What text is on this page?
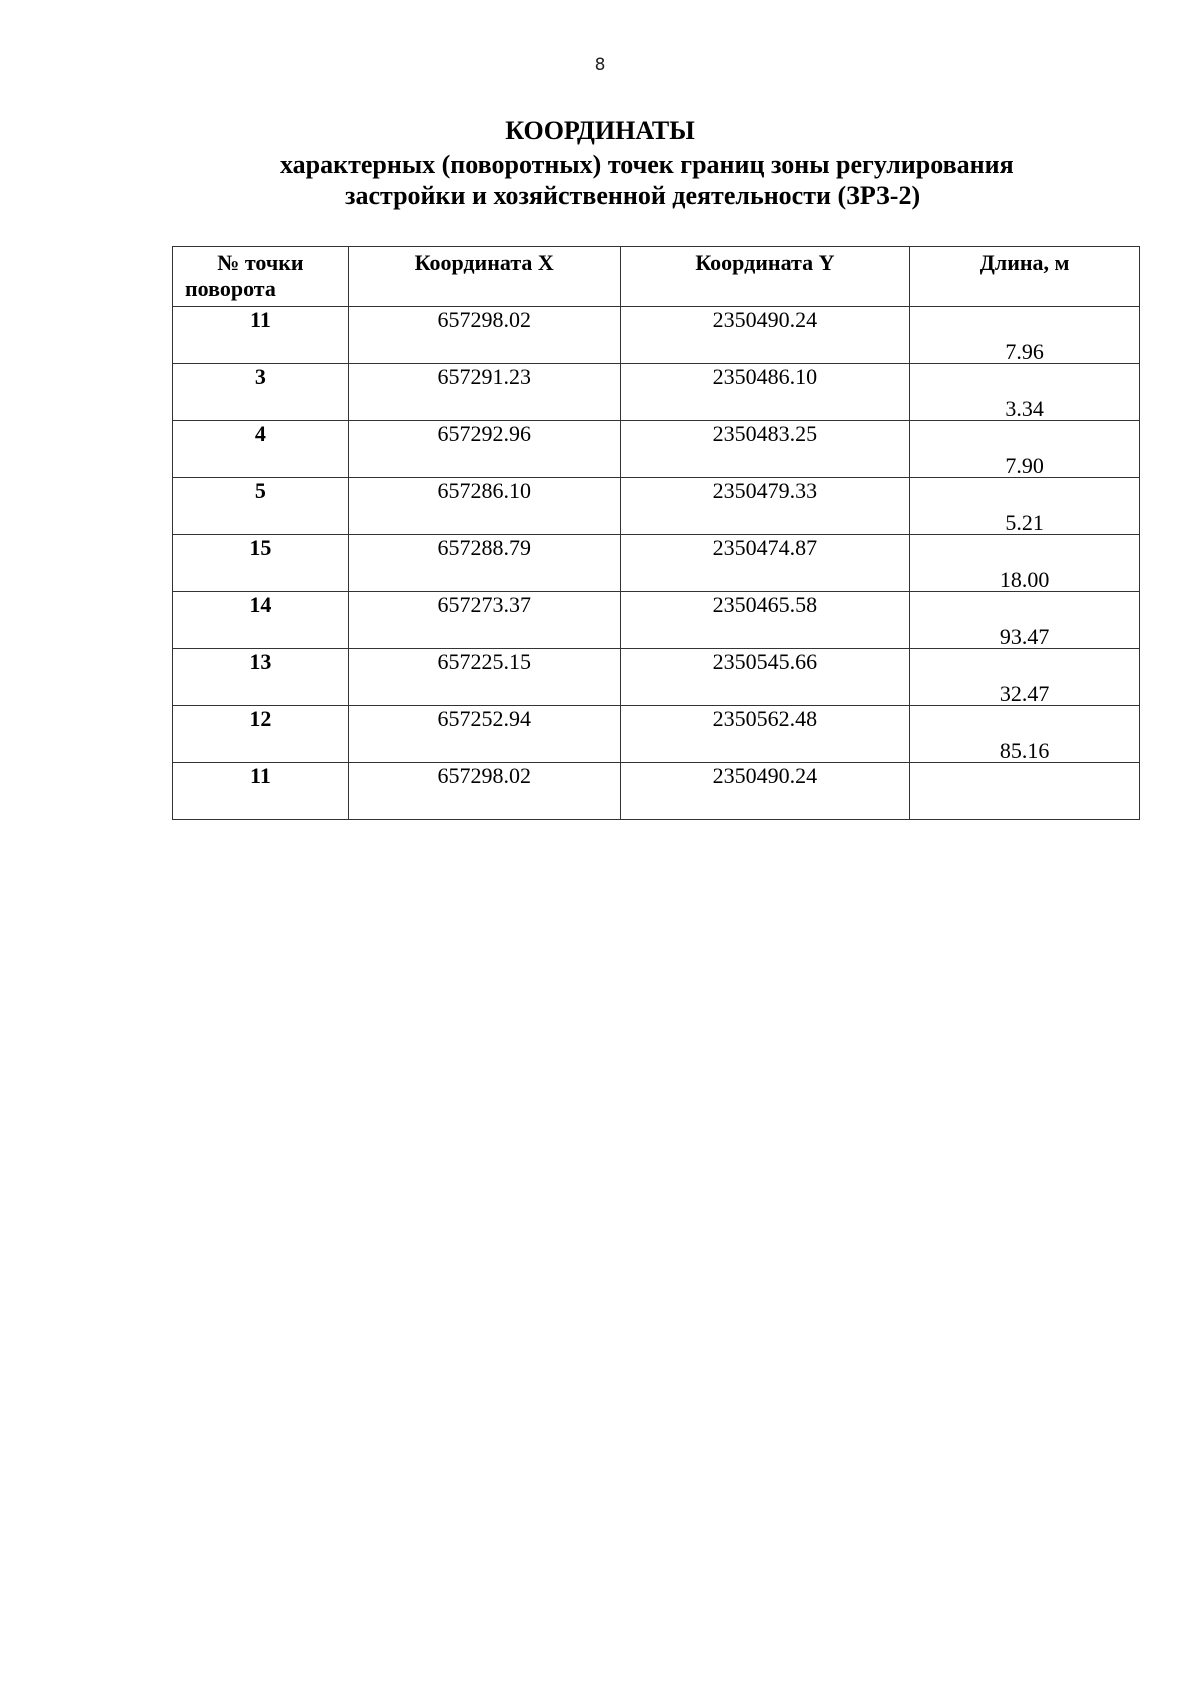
8
КООРДИНАТЫ
характерных (поворотных) точек границ зоны регулирования
застройки и хозяйственной деятельности (ЗРЗ-2)
№ точки
поворота	Координата X	Координата Y	Длина, м
11	657298.02	2350490.24	7.96

3	657291.23	2350486.10	3.34

4	657292.96	2350483.25	7.90

5	657286.10	2350479.33	5.21

15	657288.79	2350474.87	18.00

14	657273.37	2350465.58	93.47

13	657225.15	2350545.66	32.47

12	657252.94	2350562.48	85.16

11	657298.02	2350490.24	
